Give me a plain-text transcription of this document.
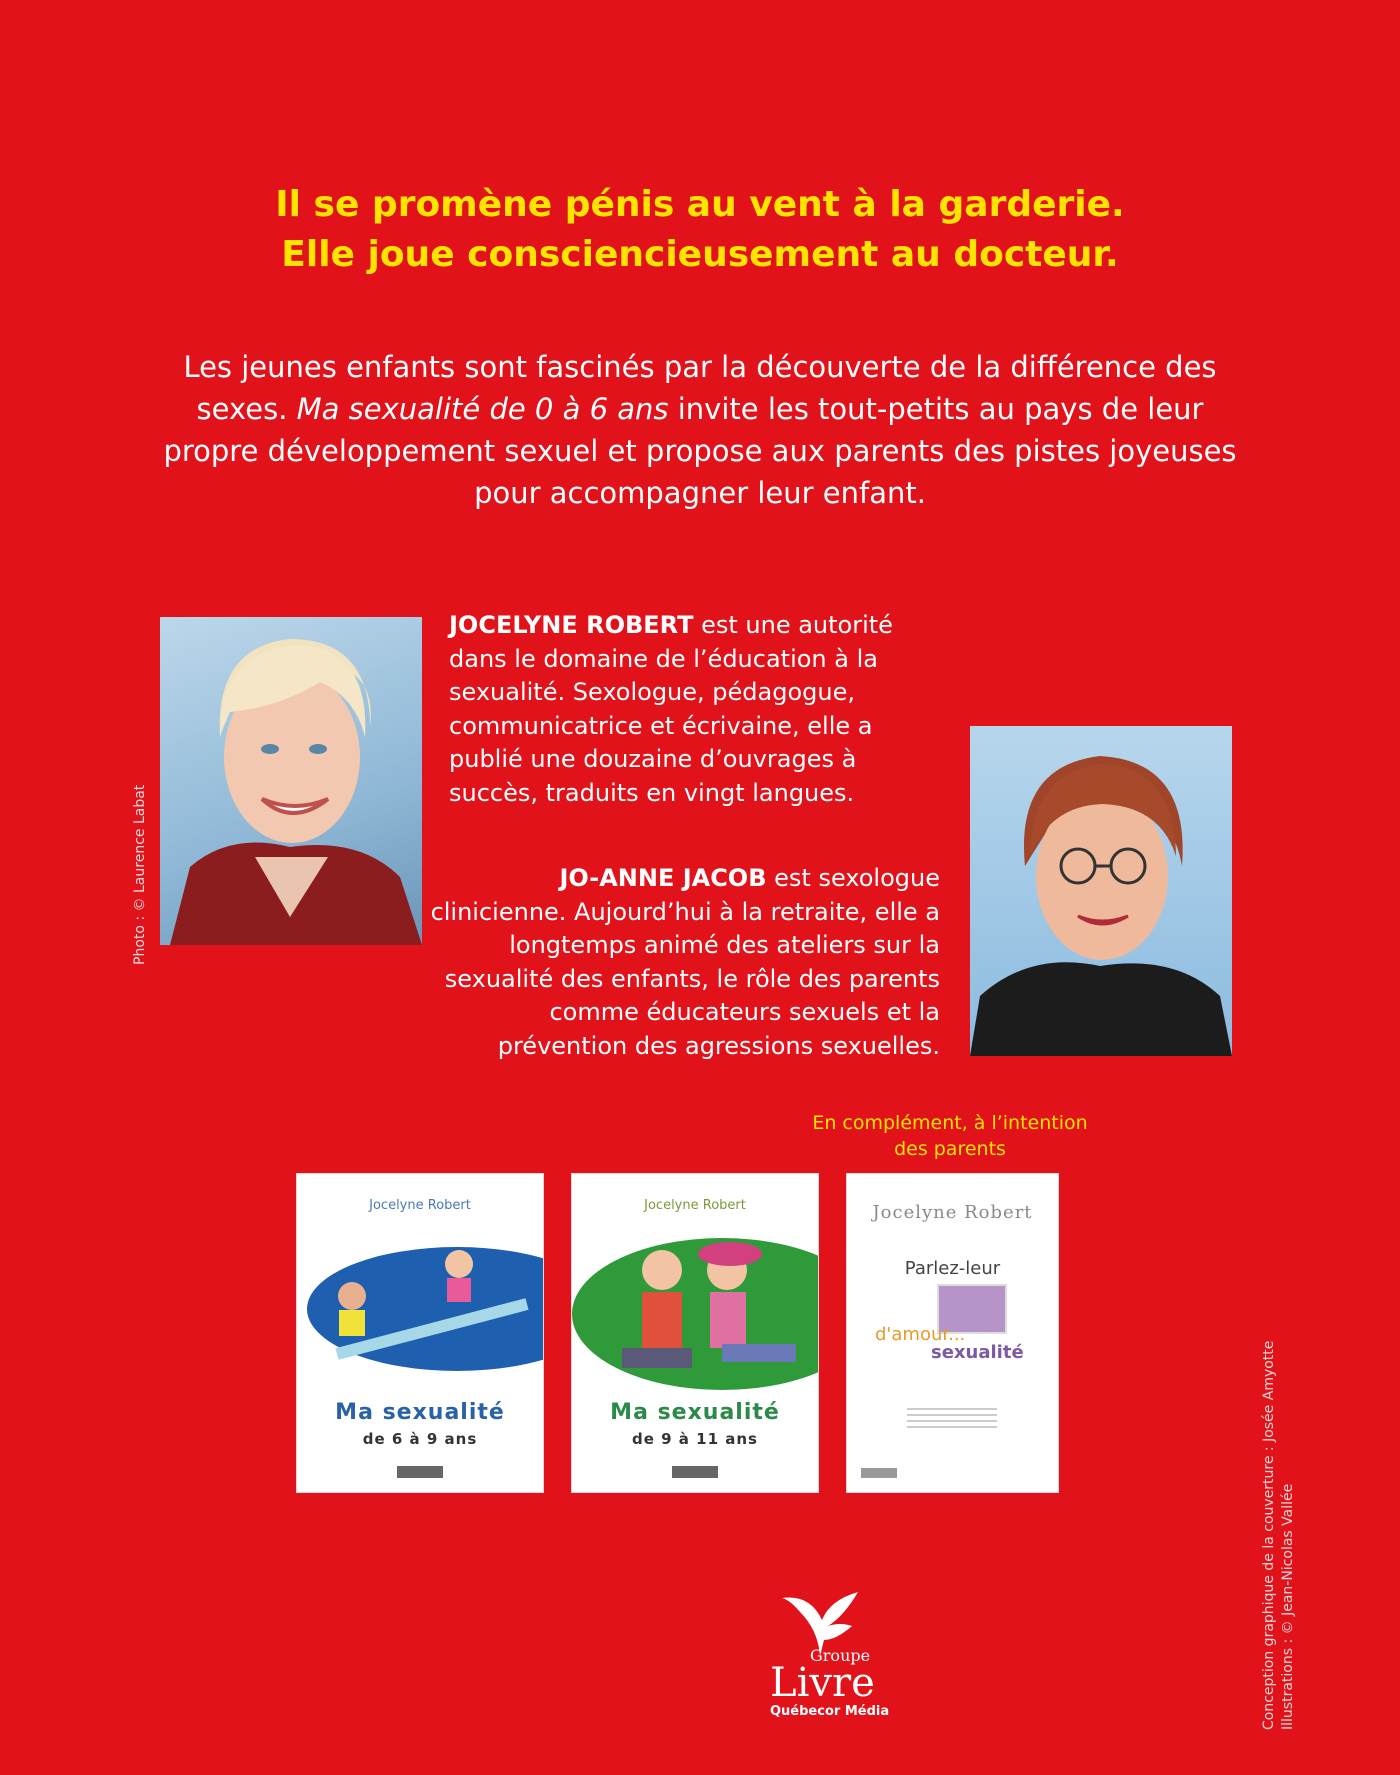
Il se promène pénis au vent à la garderie.
Elle joue consciencieusement au docteur.
Les jeunes enfants sont fascinés par la découverte de la différence des sexes. Ma sexualité de 0 à 6 ans invite les tout-petits au pays de leur propre développement sexuel et propose aux parents des pistes joyeuses pour accompagner leur enfant.
Photo : © Laurence Labat
JOCELYNE ROBERT est une autorité dans le domaine de l’éducation à la sexualité. Sexologue, pédagogue, communicatrice et écrivaine, elle a publié une douzaine d’ouvrages à succès, traduits en vingt langues.
JO-ANNE JACOB est sexologue clinicienne. Aujourd’hui à la retraite, elle a longtemps animé des ateliers sur la sexualité des enfants, le rôle des parents comme éducateurs sexuels et la prévention des agressions sexuelles.
En complément, à l’intention des parents
Jocelyne Robert
Ma sexualité
de 6 à 9 ans
Jocelyne Robert
Ma sexualité
de 9 à 11 ans
Jocelyne Robert
Parlez-leur
d'amour...
sexualité
Groupe
Livre
Québecor Média	Conception graphique de la couverture : Josée Amyotte Illustrations : © Jean-Nicolas Vallée
